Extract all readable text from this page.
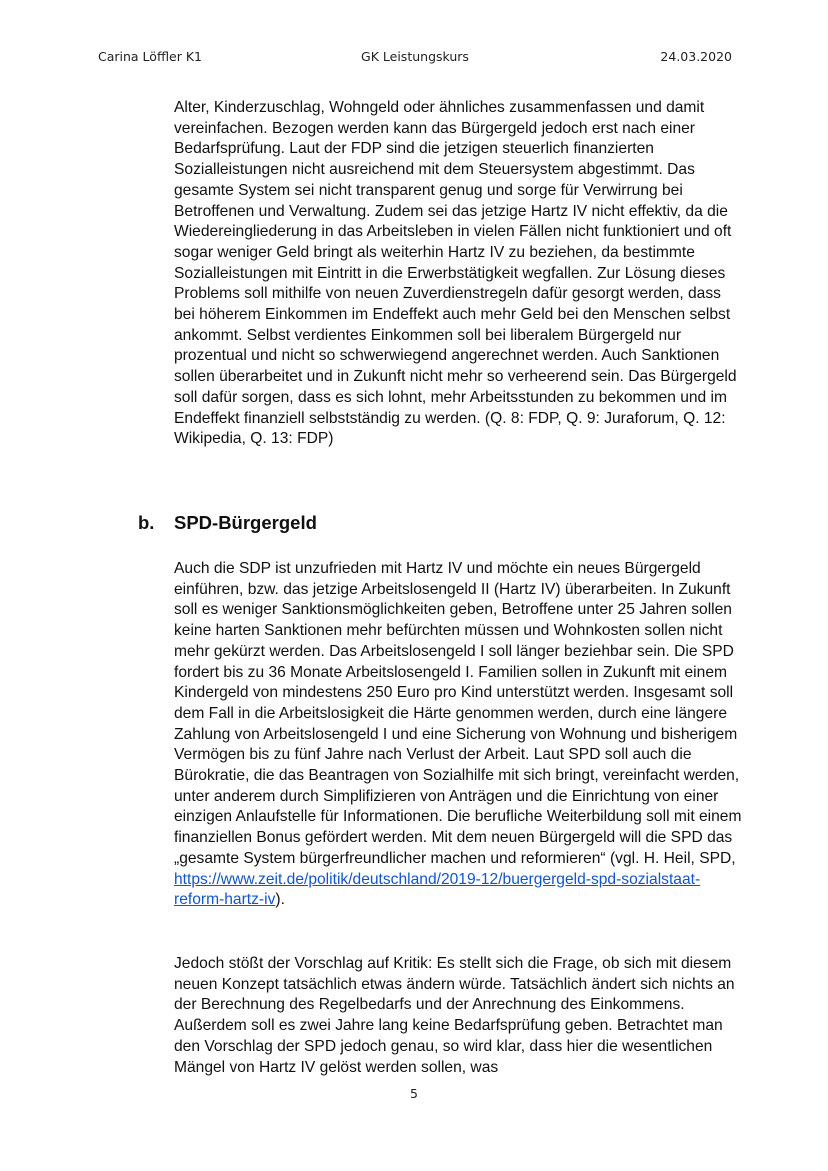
Carina Löffler K1	GK Leistungskurs	24.03.2020

Alter, Kinderzuschlag, Wohngeld oder ähnliches zusammenfassen und damit vereinfachen. Bezogen werden kann das Bürgergeld jedoch erst nach einer Bedarfsprüfung. Laut der FDP sind die jetzigen steuerlich finanzierten Sozialleistungen nicht ausreichend mit dem Steuersystem abgestimmt. Das gesamte System sei nicht transparent genug und sorge für Verwirrung bei Betroffenen und Verwaltung. Zudem sei das jetzige Hartz IV nicht effektiv, da die Wiedereingliederung in das Arbeitsleben in vielen Fällen nicht funktioniert und oft sogar weniger Geld bringt als weiterhin Hartz IV zu beziehen, da bestimmte Sozialleistungen mit Eintritt in die Erwerbstätigkeit wegfallen. Zur Lösung dieses Problems soll mithilfe von neuen Zuverdienstregeln dafür gesorgt werden, dass bei höherem Einkommen im Endeffekt auch mehr Geld bei den Menschen selbst ankommt. Selbst verdientes Einkommen soll bei liberalem Bürgergeld nur prozentual und nicht so schwerwiegend angerechnet werden. Auch Sanktionen sollen überarbeitet und in Zukunft nicht mehr so verheerend sein. Das Bürgergeld soll dafür sorgen, dass es sich lohnt, mehr Arbeitsstunden zu bekommen und im Endeffekt finanziell selbstständig zu werden. (Q. 8: FDP, Q. 9: Juraforum, Q. 12: Wikipedia, Q. 13: FDP)

b. SPD-Bürgergeld

Auch die SDP ist unzufrieden mit Hartz IV und möchte ein neues Bürgergeld einführen, bzw. das jetzige Arbeitslosengeld II (Hartz IV) überarbeiten. In Zukunft soll es weniger Sanktionsmöglichkeiten geben, Betroffene unter 25 Jahren sollen keine harten Sanktionen mehr befürchten müssen und Wohnkosten sollen nicht mehr gekürzt werden. Das Arbeitslosengeld I soll länger beziehbar sein. Die SPD fordert bis zu 36 Monate Arbeitslosengeld I. Familien sollen in Zukunft mit einem Kindergeld von mindestens 250 Euro pro Kind unterstützt werden. Insgesamt soll dem Fall in die Arbeitslosigkeit die Härte genommen werden, durch eine längere Zahlung von Arbeitslosengeld I und eine Sicherung von Wohnung und bisherigem Vermögen bis zu fünf Jahre nach Verlust der Arbeit. Laut SPD soll auch die Bürokratie, die das Beantragen von Sozialhilfe mit sich bringt, vereinfacht werden, unter anderem durch Simplifizieren von Anträgen und die Einrichtung von einer einzigen Anlaufstelle für Informationen. Die berufliche Weiterbildung soll mit einem finanziellen Bonus gefördert werden. Mit dem neuen Bürgergeld will die SPD das „gesamte System bürgerfreundlicher machen und reformieren“ (vgl. H. Heil, SPD, https://www.zeit.de/politik/deutschland/2019-12/buergergeld-spd-sozialstaat-reform-hartz-iv).

Jedoch stößt der Vorschlag auf Kritik: Es stellt sich die Frage, ob sich mit diesem neuen Konzept tatsächlich etwas ändern würde. Tatsächlich ändert sich nichts an der Berechnung des Regelbedarfs und der Anrechnung des Einkommens. Außerdem soll es zwei Jahre lang keine Bedarfsprüfung geben. Betrachtet man den Vorschlag der SPD jedoch genau, so wird klar, dass hier die wesentlichen Mängel von Hartz IV gelöst werden sollen, was

5
